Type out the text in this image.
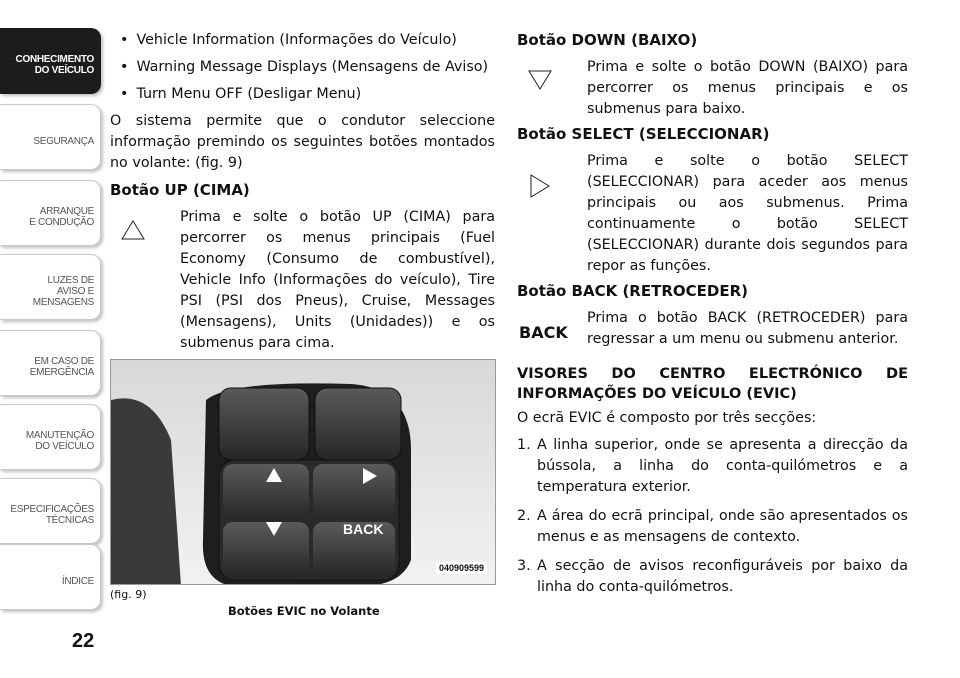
CONHECIMENTO
DO VEÍCULO
SEGURANÇA
ARRANQUE
E CONDUÇÃO
LUZES DE
AVISO E
MENSAGENS
EM CASO DE
EMERGÊNCIA
MANUTENÇÃO
DO VEÍCULO
ESPECIFICAÇÕES
TÉCNICAS
ÍNDICE
22
• Vehicle Information (Informações do Veículo)
• Warning Message Displays (Mensagens de Aviso)
• Turn Menu OFF (Desligar Menu)

O sistema permite que o condutor seleccione informação premindo os seguintes botões montados no volante: (fig. 9)

Botão UP (CIMA)
Prima e solte o botão UP (CIMA) para percorrer os menus principais (Fuel Economy (Consumo de combustível), Vehicle Info (Informações do veículo), Tire PSI (PSI dos Pneus), Cruise, Messages (Mensagens), Units (Unidades)) e os submenus para cima.
BACK
040909599
(fig. 9)
Botões EVIC no Volante
Botão DOWN (BAIXO)
Prima e solte o botão DOWN (BAIXO) para percorrer os menus principais e os submenus para baixo.
Botão SELECT (SELECCIONAR)
Prima e solte o botão SELECT (SELECCIONAR) para aceder aos menus principais ou aos submenus. Prima continuamente o botão SELECT (SELECCIONAR) durante dois segundos para repor as funções.
Botão BACK (RETROCEDER)
BACK
Prima o botão BACK (RETROCEDER) para regressar a um menu ou submenu anterior.
VISORES DO CENTRO ELECTRÓNICO DE INFORMAÇÕES DO VEÍCULO (EVIC)

O ecrã EVIC é composto por três secções:

1. A linha superior, onde se apresenta a direcção da bússola, a linha do conta-quilómetros e a temperatura exterior.
2. A área do ecrã principal, onde são apresentados os menus e as mensagens de contexto.
3. A secção de avisos reconfiguráveis por baixo da linha do conta-quilómetros.
